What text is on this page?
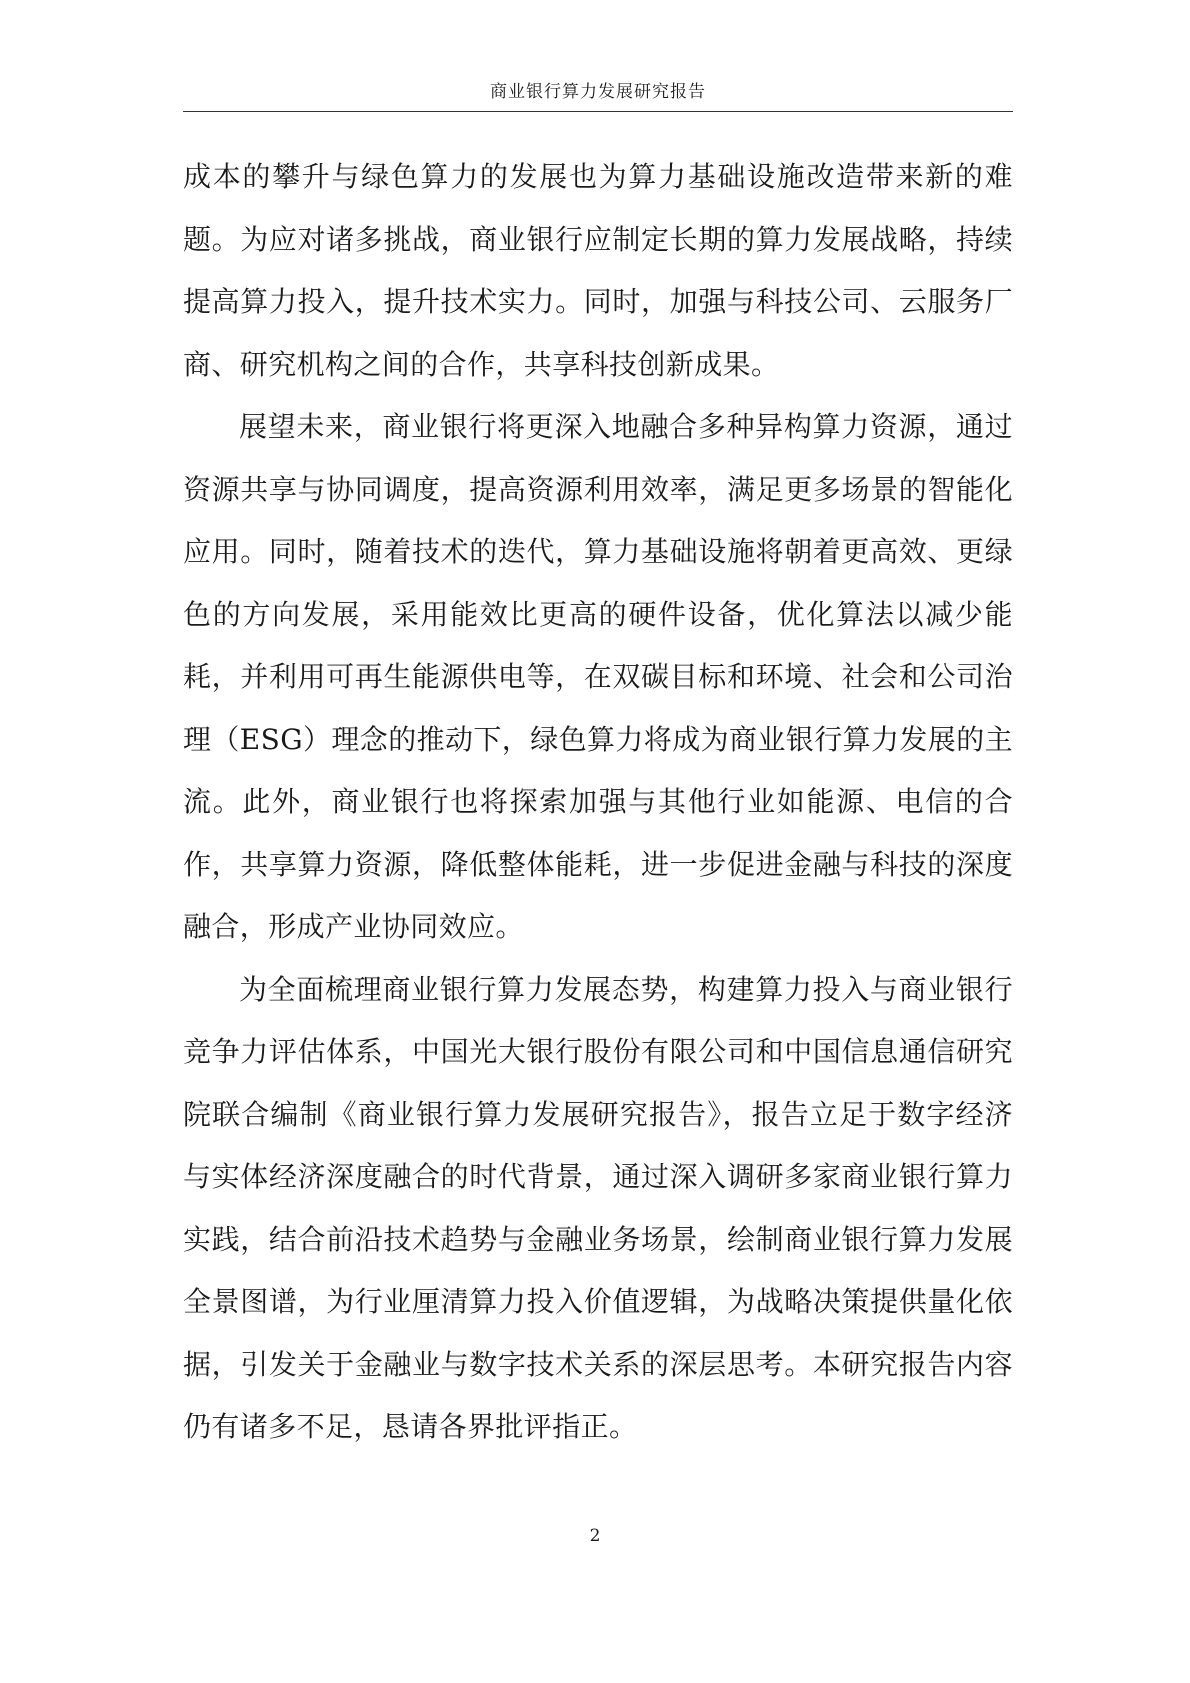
商业银行算力发展研究报告

成本的攀升与绿色算力的发展也为算力基础设施改造带来新的难题。为应对诸多挑战，商业银行应制定长期的算力发展战略，持续提高算力投入，提升技术实力。同时，加强与科技公司、云服务厂商、研究机构之间的合作，共享科技创新成果。

展望未来，商业银行将更深入地融合多种异构算力资源，通过资源共享与协同调度，提高资源利用效率，满足更多场景的智能化应用。同时，随着技术的迭代，算力基础设施将朝着更高效、更绿色的方向发展，采用能效比更高的硬件设备，优化算法以减少能耗，并利用可再生能源供电等，在双碳目标和环境、社会和公司治理（ESG）理念的推动下，绿色算力将成为商业银行算力发展的主流。此外，商业银行也将探索加强与其他行业如能源、电信的合作，共享算力资源，降低整体能耗，进一步促进金融与科技的深度融合，形成产业协同效应。

为全面梳理商业银行算力发展态势，构建算力投入与商业银行竞争力评估体系，中国光大银行股份有限公司和中国信息通信研究院联合编制《商业银行算力发展研究报告》，报告立足于数字经济与实体经济深度融合的时代背景，通过深入调研多家商业银行算力实践，结合前沿技术趋势与金融业务场景，绘制商业银行算力发展全景图谱，为行业厘清算力投入价值逻辑，为战略决策提供量化依据，引发关于金融业与数字技术关系的深层思考。本研究报告内容仍有诸多不足，恳请各界批评指正。

2
